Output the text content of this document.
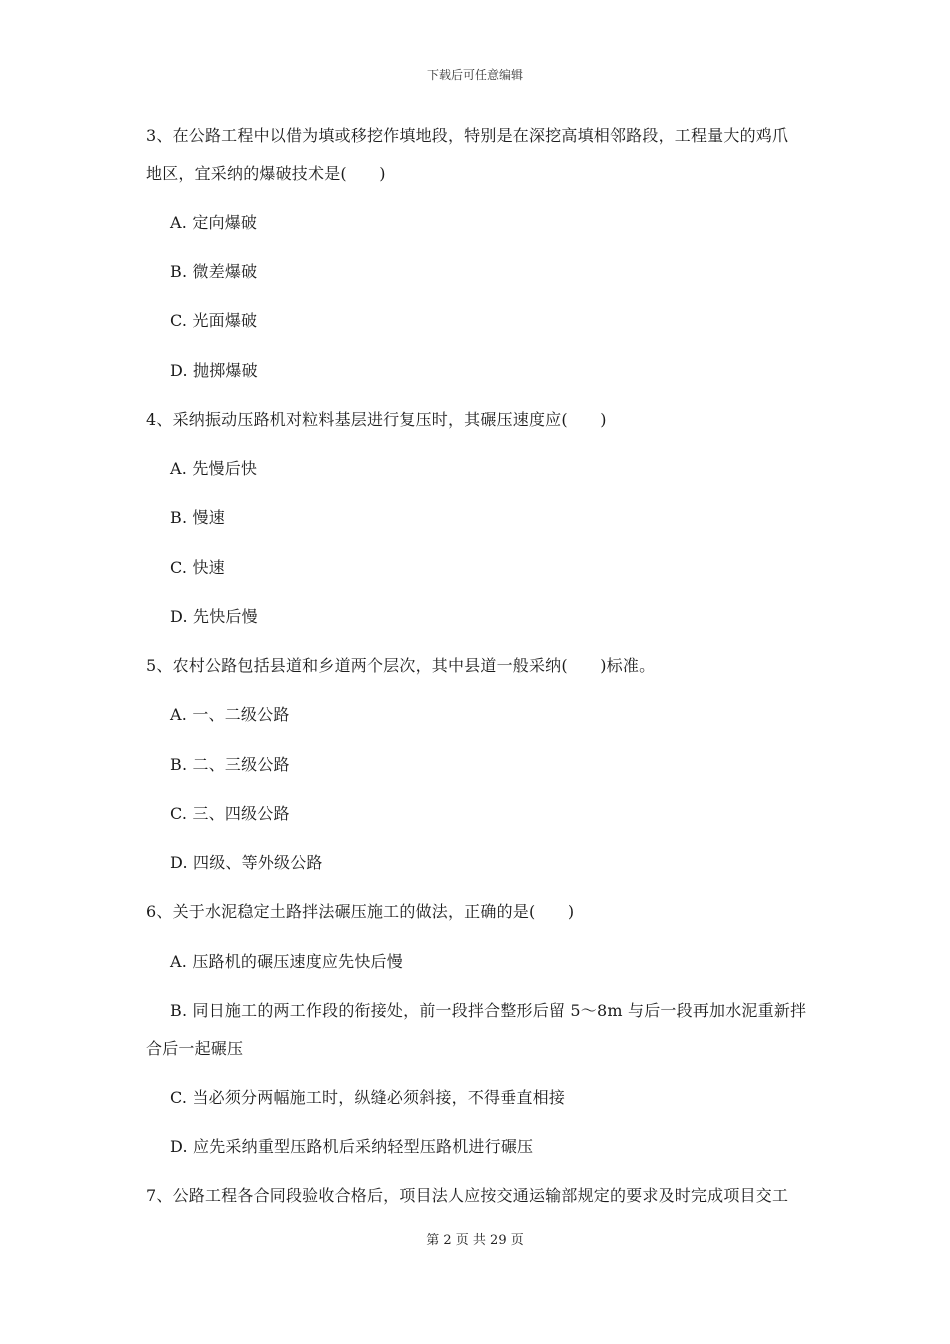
下载后可任意编辑
3、在公路工程中以借为填或移挖作填地段，特别是在深挖高填相邻路段，工程量大的鸡爪
地区，宜采纳的爆破技术是(　　)
A. 定向爆破
B. 微差爆破
C. 光面爆破
D. 抛掷爆破
4、采纳振动压路机对粒料基层进行复压时，其碾压速度应(　　)
A. 先慢后快
B. 慢速
C. 快速
D. 先快后慢
5、农村公路包括县道和乡道两个层次，其中县道一般采纳(　　)标准。
A. 一、二级公路
B. 二、三级公路
C. 三、四级公路
D. 四级、等外级公路
6、关于水泥稳定土路拌法碾压施工的做法，正确的是(　　)
A. 压路机的碾压速度应先快后慢
B. 同日施工的两工作段的衔接处，前一段拌合整形后留 5～8m 与后一段再加水泥重新拌
合后一起碾压
C. 当必须分两幅施工时，纵缝必须斜接，不得垂直相接
D. 应先采纳重型压路机后采纳轻型压路机进行碾压
7、公路工程各合同段验收合格后，项目法人应按交通运输部规定的要求及时完成项目交工
第 2 页 共 29 页
